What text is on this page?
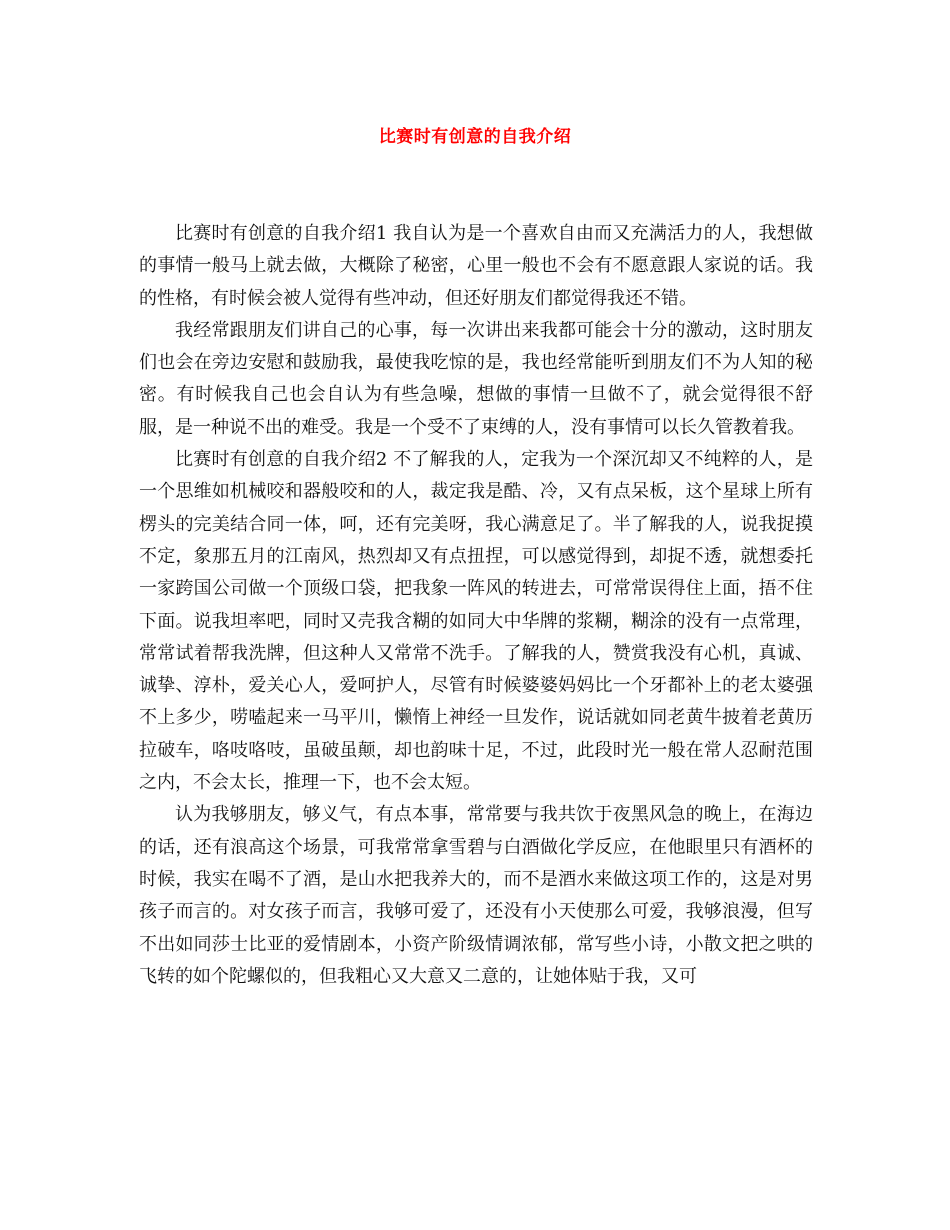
比赛时有创意的自我介绍

比赛时有创意的自我介绍1 我自认为是一个喜欢自由而又充满活力的人，我想做的事情一般马上就去做，大概除了秘密，心里一般也不会有不愿意跟人家说的话。我的性格，有时候会被人觉得有些冲动，但还好朋友们都觉得我还不错。

我经常跟朋友们讲自己的心事，每一次讲出来我都可能会十分的激动，这时朋友们也会在旁边安慰和鼓励我，最使我吃惊的是，我也经常能听到朋友们不为人知的秘密。有时候我自己也会自认为有些急噪，想做的事情一旦做不了，就会觉得很不舒服，是一种说不出的难受。我是一个受不了束缚的人，没有事情可以长久管教着我。

比赛时有创意的自我介绍2 不了解我的人，定我为一个深沉却又不纯粹的人，是一个思维如机械咬和器般咬和的人，裁定我是酷、冷，又有点呆板，这个星球上所有楞头的完美结合同一体，呵，还有完美呀，我心满意足了。半了解我的人，说我捉摸不定，象那五月的江南风，热烈却又有点扭捏，可以感觉得到，却捉不透，就想委托一家跨国公司做一个顶级口袋，把我象一阵风的转进去，可常常误得住上面，捂不住下面。说我坦率吧，同时又壳我含糊的如同大中华牌的浆糊，糊涂的没有一点常理，常常试着帮我洗牌，但这种人又常常不洗手。了解我的人，赞赏我没有心机，真诚、诚挚、淳朴，爱关心人，爱呵护人，尽管有时候婆婆妈妈比一个牙都补上的老太婆强不上多少，唠嗑起来一马平川，懒惰上神经一旦发作，说话就如同老黄牛披着老黄历拉破车，咯吱咯吱，虽破虽颠，却也韵味十足，不过，此段时光一般在常人忍耐范围之内，不会太长，推理一下，也不会太短。

认为我够朋友，够义气，有点本事，常常要与我共饮于夜黑风急的晚上，在海边的话，还有浪高这个场景，可我常常拿雪碧与白酒做化学反应，在他眼里只有酒杯的时候，我实在喝不了酒，是山水把我养大的，而不是酒水来做这项工作的，这是对男孩子而言的。对女孩子而言，我够可爱了，还没有小天使那么可爱，我够浪漫，但写不出如同莎士比亚的爱情剧本，小资产阶级情调浓郁，常写些小诗，小散文把之哄的飞转的如个陀螺似的，但我粗心又大意又二意的，让她体贴于我，又可
